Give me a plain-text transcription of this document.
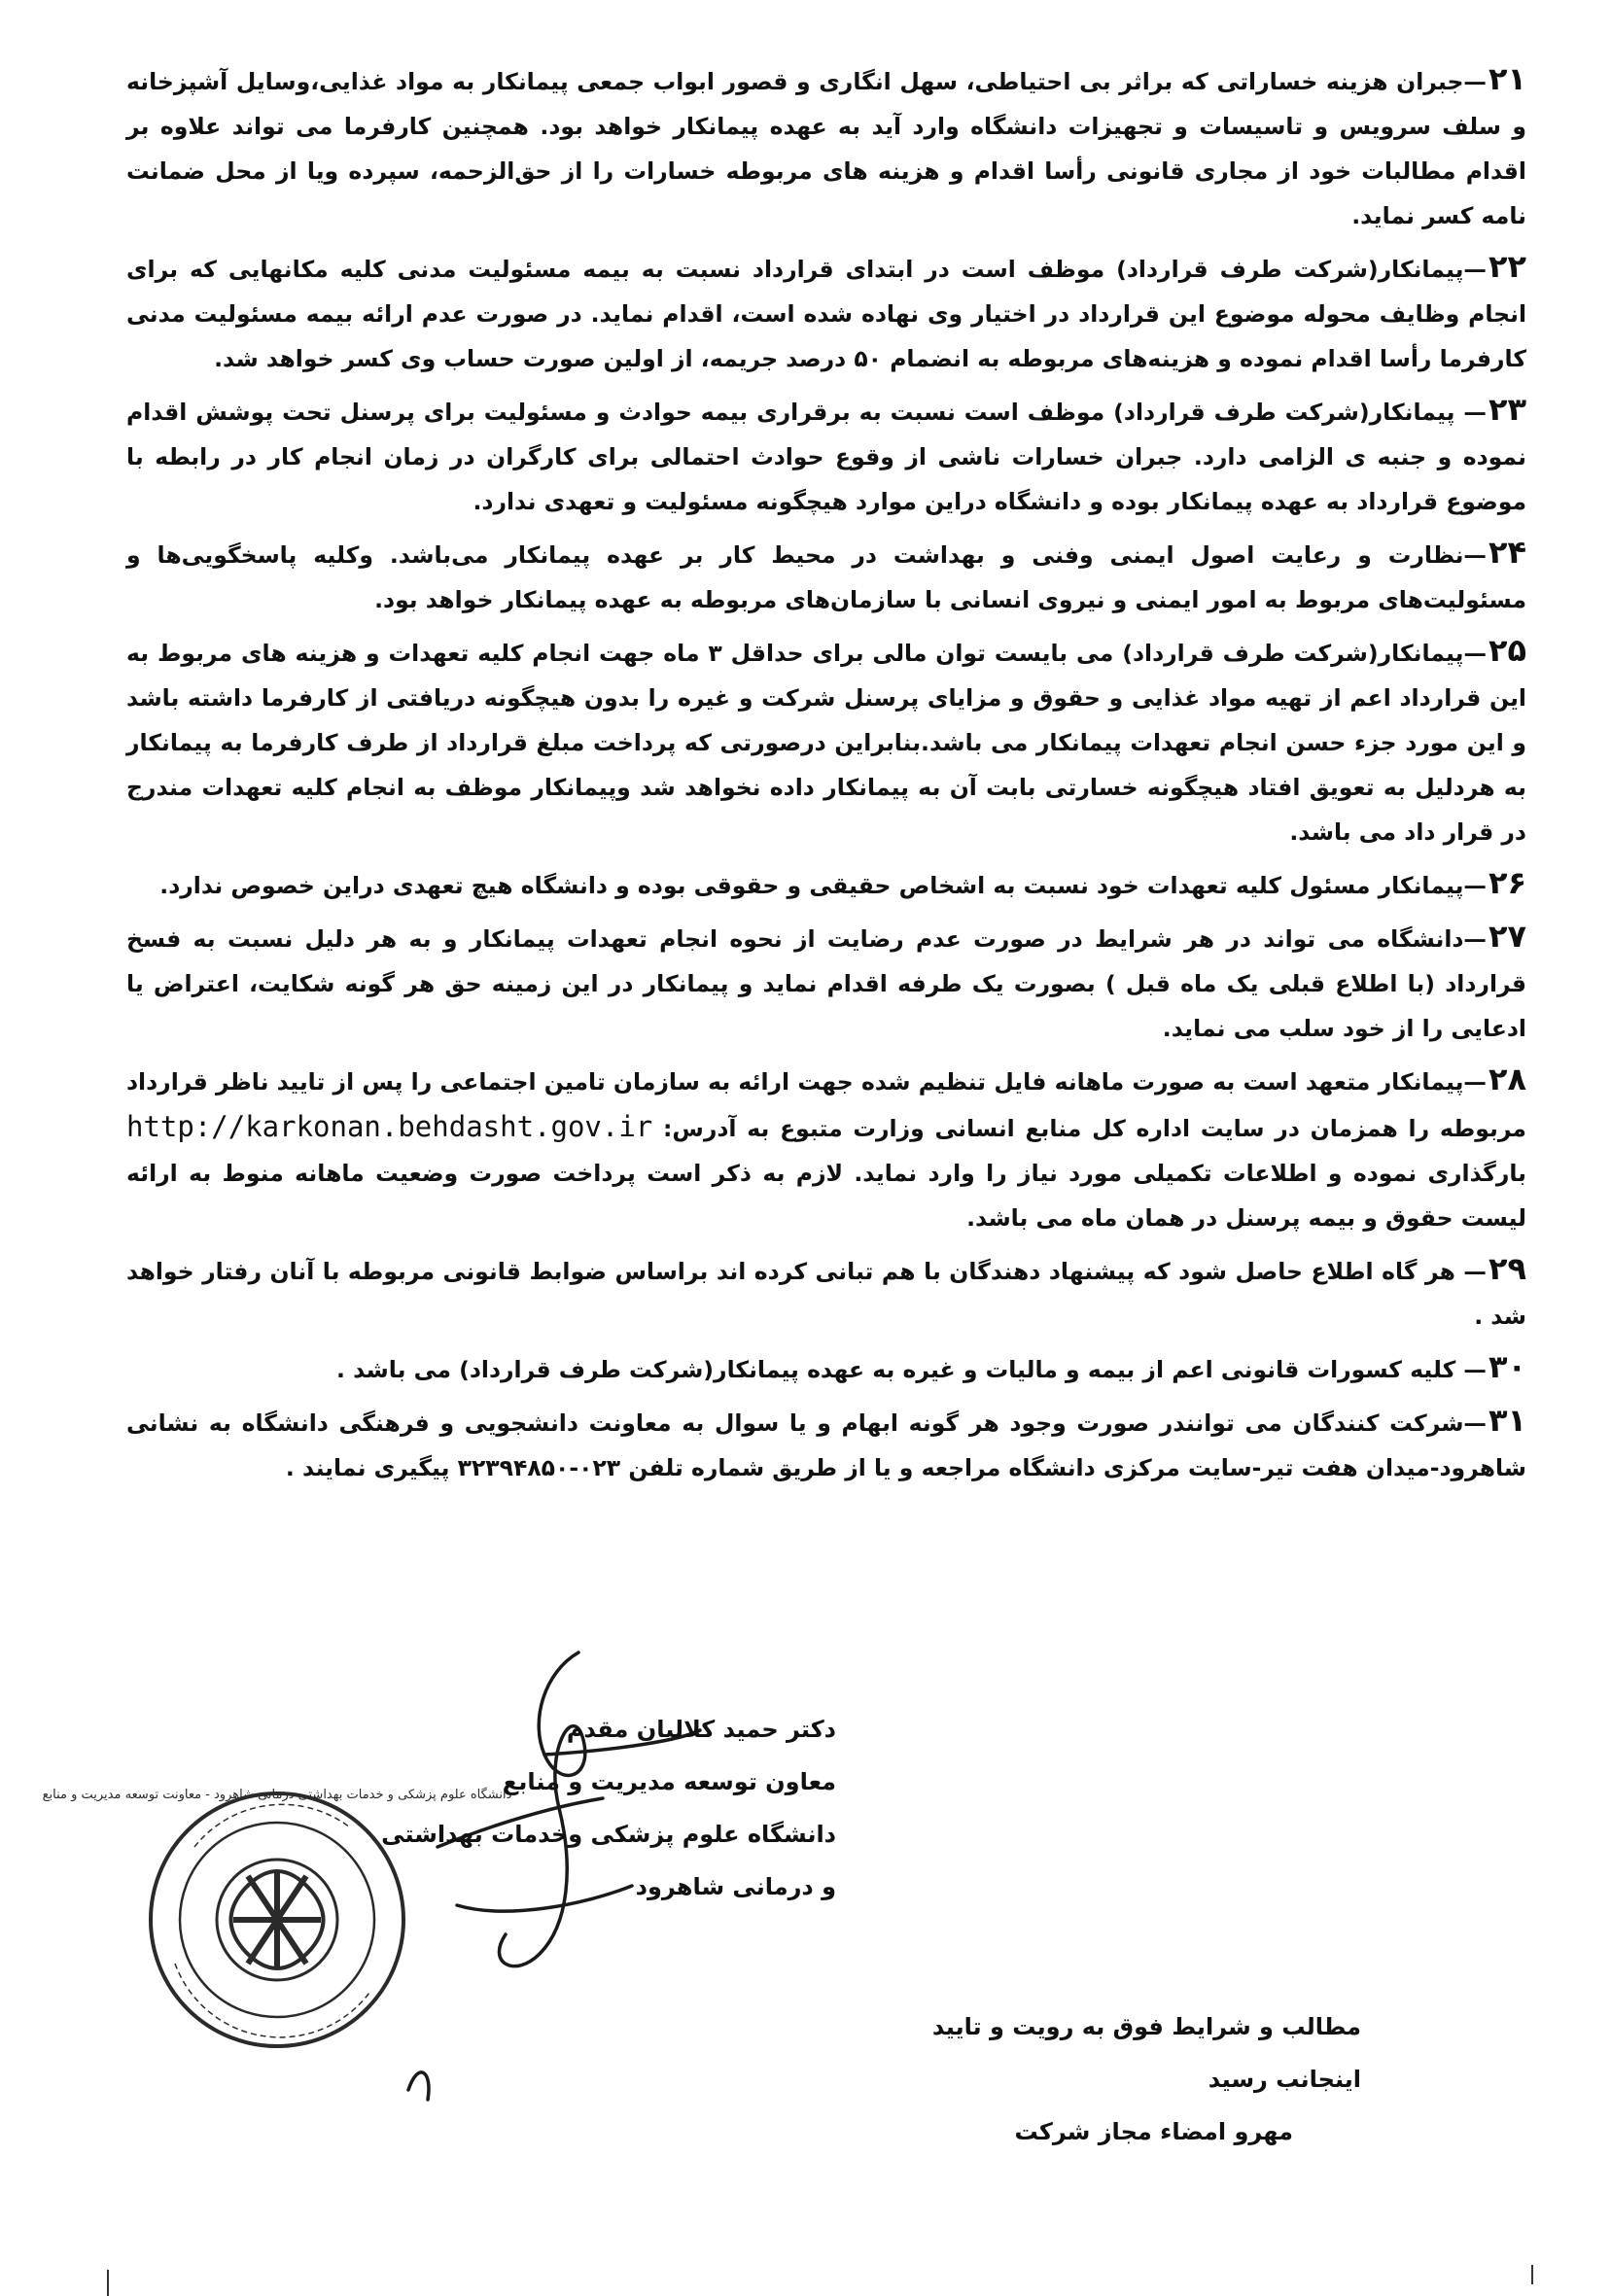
۲۱—جبران هزینه خساراتی که براثر بی احتیاطی، سهل انگاری و قصور ابواب جمعی پیمانکار به مواد غذایی،وسایل آشپزخانه و سلف سرویس و تاسیسات و تجهیزات دانشگاه وارد آید به عهده پیمانکار خواهد بود. همچنین کارفرما می تواند علاوه بر اقدام مطالبات خود از مجاری قانونی رأسا اقدام و هزینه های مربوطه خسارات را از حق‌الزحمه، سپرده ویا از محل ضمانت نامه کسر نماید.
۲۲—پیمانکار(شرکت طرف قرارداد) موظف است در ابتدای قرارداد نسبت به بیمه مسئولیت مدنی کلیه مکانهایی که برای انجام وظایف محوله موضوع این قرارداد در اختیار وی نهاده شده است، اقدام نماید. در صورت عدم ارائه بیمه مسئولیت مدنی کارفرما رأسا اقدام نموده و هزینه‌های مربوطه به انضمام ۵۰ درصد جریمه، از اولین صورت حساب وی کسر خواهد شد.
۲۳— پیمانکار(شرکت طرف قرارداد) موظف است نسبت به برقراری بیمه حوادث و مسئولیت برای پرسنل تحت پوشش اقدام نموده و جنبه ی الزامی دارد. جبران خسارات ناشی از وقوع حوادث احتمالی برای کارگران در زمان انجام کار در رابطه با موضوع قرارداد به عهده پیمانکار بوده و دانشگاه دراین موارد هیچگونه مسئولیت و تعهدی ندارد.
۲۴—نظارت و رعایت اصول ایمنی وفنی و بهداشت در محیط کار بر عهده پیمانکار می‌باشد. وکلیه پاسخگویی‌ها و مسئولیت‌های مربوط به امور ایمنی و نیروی انسانی با سازمان‌های مربوطه به عهده پیمانکار خواهد بود.
۲۵—پیمانکار(شرکت طرف قرارداد) می بایست توان مالی برای حداقل ۳ ماه جهت انجام کلیه تعهدات و هزینه های مربوط به این قرارداد اعم از تهیه مواد غذایی و حقوق و مزایای پرسنل شرکت و غیره را بدون هیچگونه دریافتی از کارفرما داشته باشد و این مورد جزء حسن انجام تعهدات پیمانکار می باشد.بنابراین درصورتی که پرداخت مبلغ قرارداد از طرف کارفرما به پیمانکار به هردلیل به تعویق افتاد هیچگونه خسارتی بابت آن به پیمانکار داده نخواهد شد وپیمانکار موظف به انجام کلیه تعهدات مندرج در قرار داد می باشد.
۲۶—پیمانکار مسئول کلیه تعهدات خود نسبت به اشخاص حقیقی و حقوقی بوده و دانشگاه هیچ تعهدی دراین خصوص ندارد.
۲۷—دانشگاه می تواند در هر شرایط در صورت عدم رضایت از نحوه انجام تعهدات پیمانکار و به هر دلیل نسبت به فسخ قرارداد (با اطلاع قبلی یک ماه قبل ) بصورت یک طرفه اقدام نماید و پیمانکار در این زمینه حق هر گونه شکایت، اعتراض یا ادعایی را از خود سلب می نماید.
۲۸—پیمانکار متعهد است به صورت ماهانه فایل تنظیم شده جهت ارائه به سازمان تامین اجتماعی را پس از تایید ناظر قرارداد مربوطه را همزمان در سایت اداره کل منابع انسانی وزارت متبوع به آدرس: http://karkonan.behdasht.gov.ir بارگذاری نموده و اطلاعات تکمیلی مورد نیاز را وارد نماید. لازم به ذکر است پرداخت صورت وضعیت ماهانه منوط به ارائه لیست حقوق و بیمه پرسنل در همان ماه می باشد.
۲۹— هر گاه اطلاع حاصل شود که پیشنهاد دهندگان با هم تبانی کرده اند براساس ضوابط قانونی مربوطه با آنان رفتار خواهد شد .
۳۰— کلیه کسورات قانونی اعم از بیمه و مالیات و غیره به عهده پیمانکار(شرکت طرف قرارداد) می باشد .
۳۱—شرکت کنندگان می توانندر صورت وجود هر گونه ابهام و یا سوال به معاونت دانشجویی و فرهنگی دانشگاه به نشانی شاهرود-میدان هفت تیر-سایت مرکزی دانشگاه مراجعه و یا از طریق شماره تلفن ۰۲۳-۳۲۳۹۴۸۵۰ پیگیری نمایند .
دانشگاه علوم پزشکی و خدمات بهداشتی درمانی شاهرود - معاونت توسعه مدیریت و منابع
دکتر حمید کلالیان مقدم
معاون توسعه مدیریت و منابع
دانشگاه علوم پزشکی وخدمات بهداشتی و درمانی شاهرود
مطالب و شرایط فوق به رویت و تایید اینجانب رسید
مهرو امضاء مجاز شرکت
